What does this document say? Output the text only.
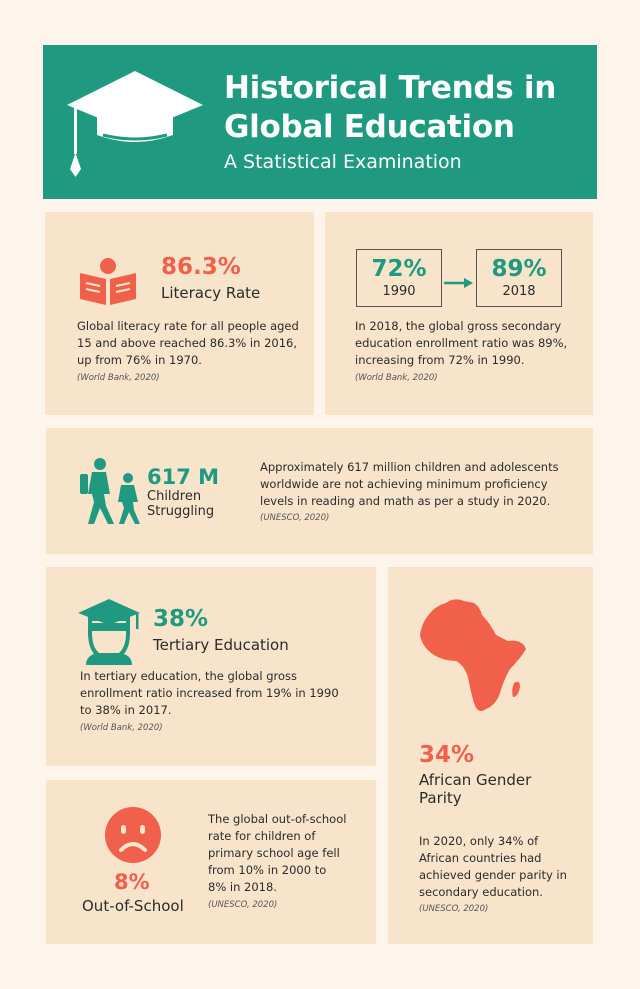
Historical Trends in Global Education
A Statistical Examination
86.3%
Literacy Rate
Global literacy rate for all people aged 15 and above reached 86.3% in 2016, up from 76% in 1970.
(World Bank, 2020)
72%
1990
89%
2018
In 2018, the global gross secondary education enrollment ratio was 89%, increasing from 72% in 1990.
(World Bank, 2020)
617 M
Children Struggling
Approximately 617 million children and adolescents worldwide are not achieving minimum proficiency levels in reading and math as per a study in 2020.
(UNESCO, 2020)
38%
Tertiary Education
In tertiary education, the global gross enrollment ratio increased from 19% in 1990 to 38% in 2017.
(World Bank, 2020)
34%
African Gender Parity
In 2020, only 34% of African countries had achieved gender parity in secondary education.
(UNESCO, 2020)
8%
Out-of-School
The global out-of-school rate for children of primary school age fell from 10% in 2000 to 8% in 2018.
(UNESCO, 2020)
